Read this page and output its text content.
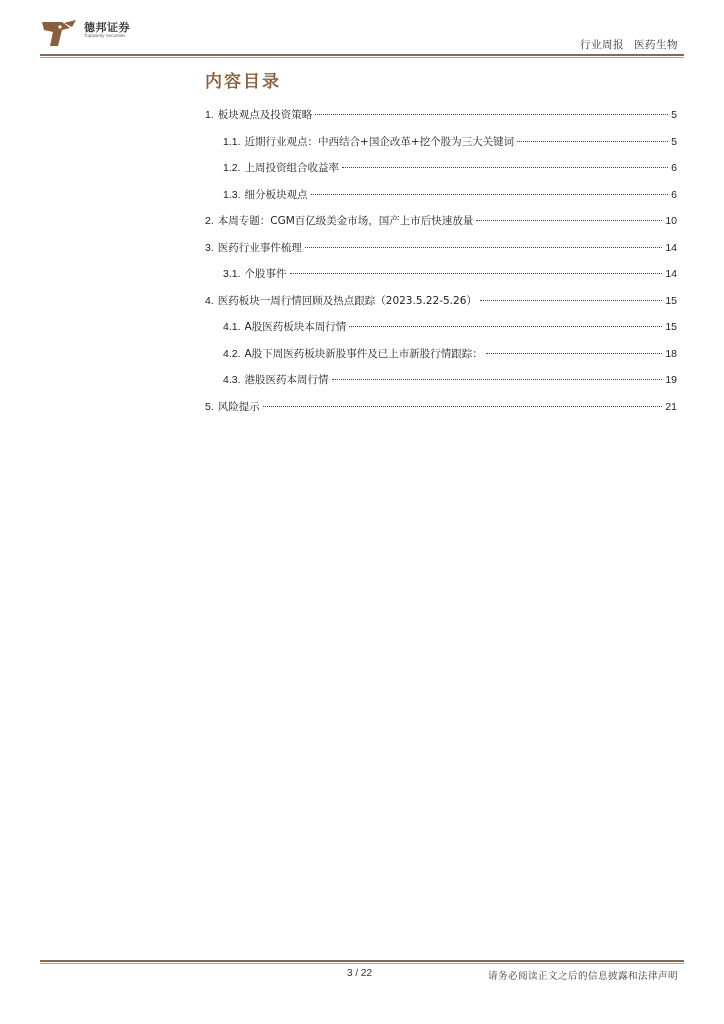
德邦证券
Topsperity Securities
行业周报 医药生物
内容目录
1. 板块观点及投资策略	5
1.1. 近期行业观点：中西结合+国企改革+挖个股为三大关键词	5
1.2. 上周投资组合收益率	6
1.3. 细分板块观点	6
2. 本周专题：CGM百亿级美金市场，国产上市后快速放量	10
3. 医药行业事件梳理	14
3.1. 个股事件	14
4. 医药板块一周行情回顾及热点跟踪（2023.5.22-5.26）	15
4.1. A股医药板块本周行情	15
4.2. A股下周医药板块新股事件及已上市新股行情跟踪：	18
4.3. 港股医药本周行情	19
5. 风险提示	21
3 / 22	请务必阅读正文之后的信息披露和法律声明
